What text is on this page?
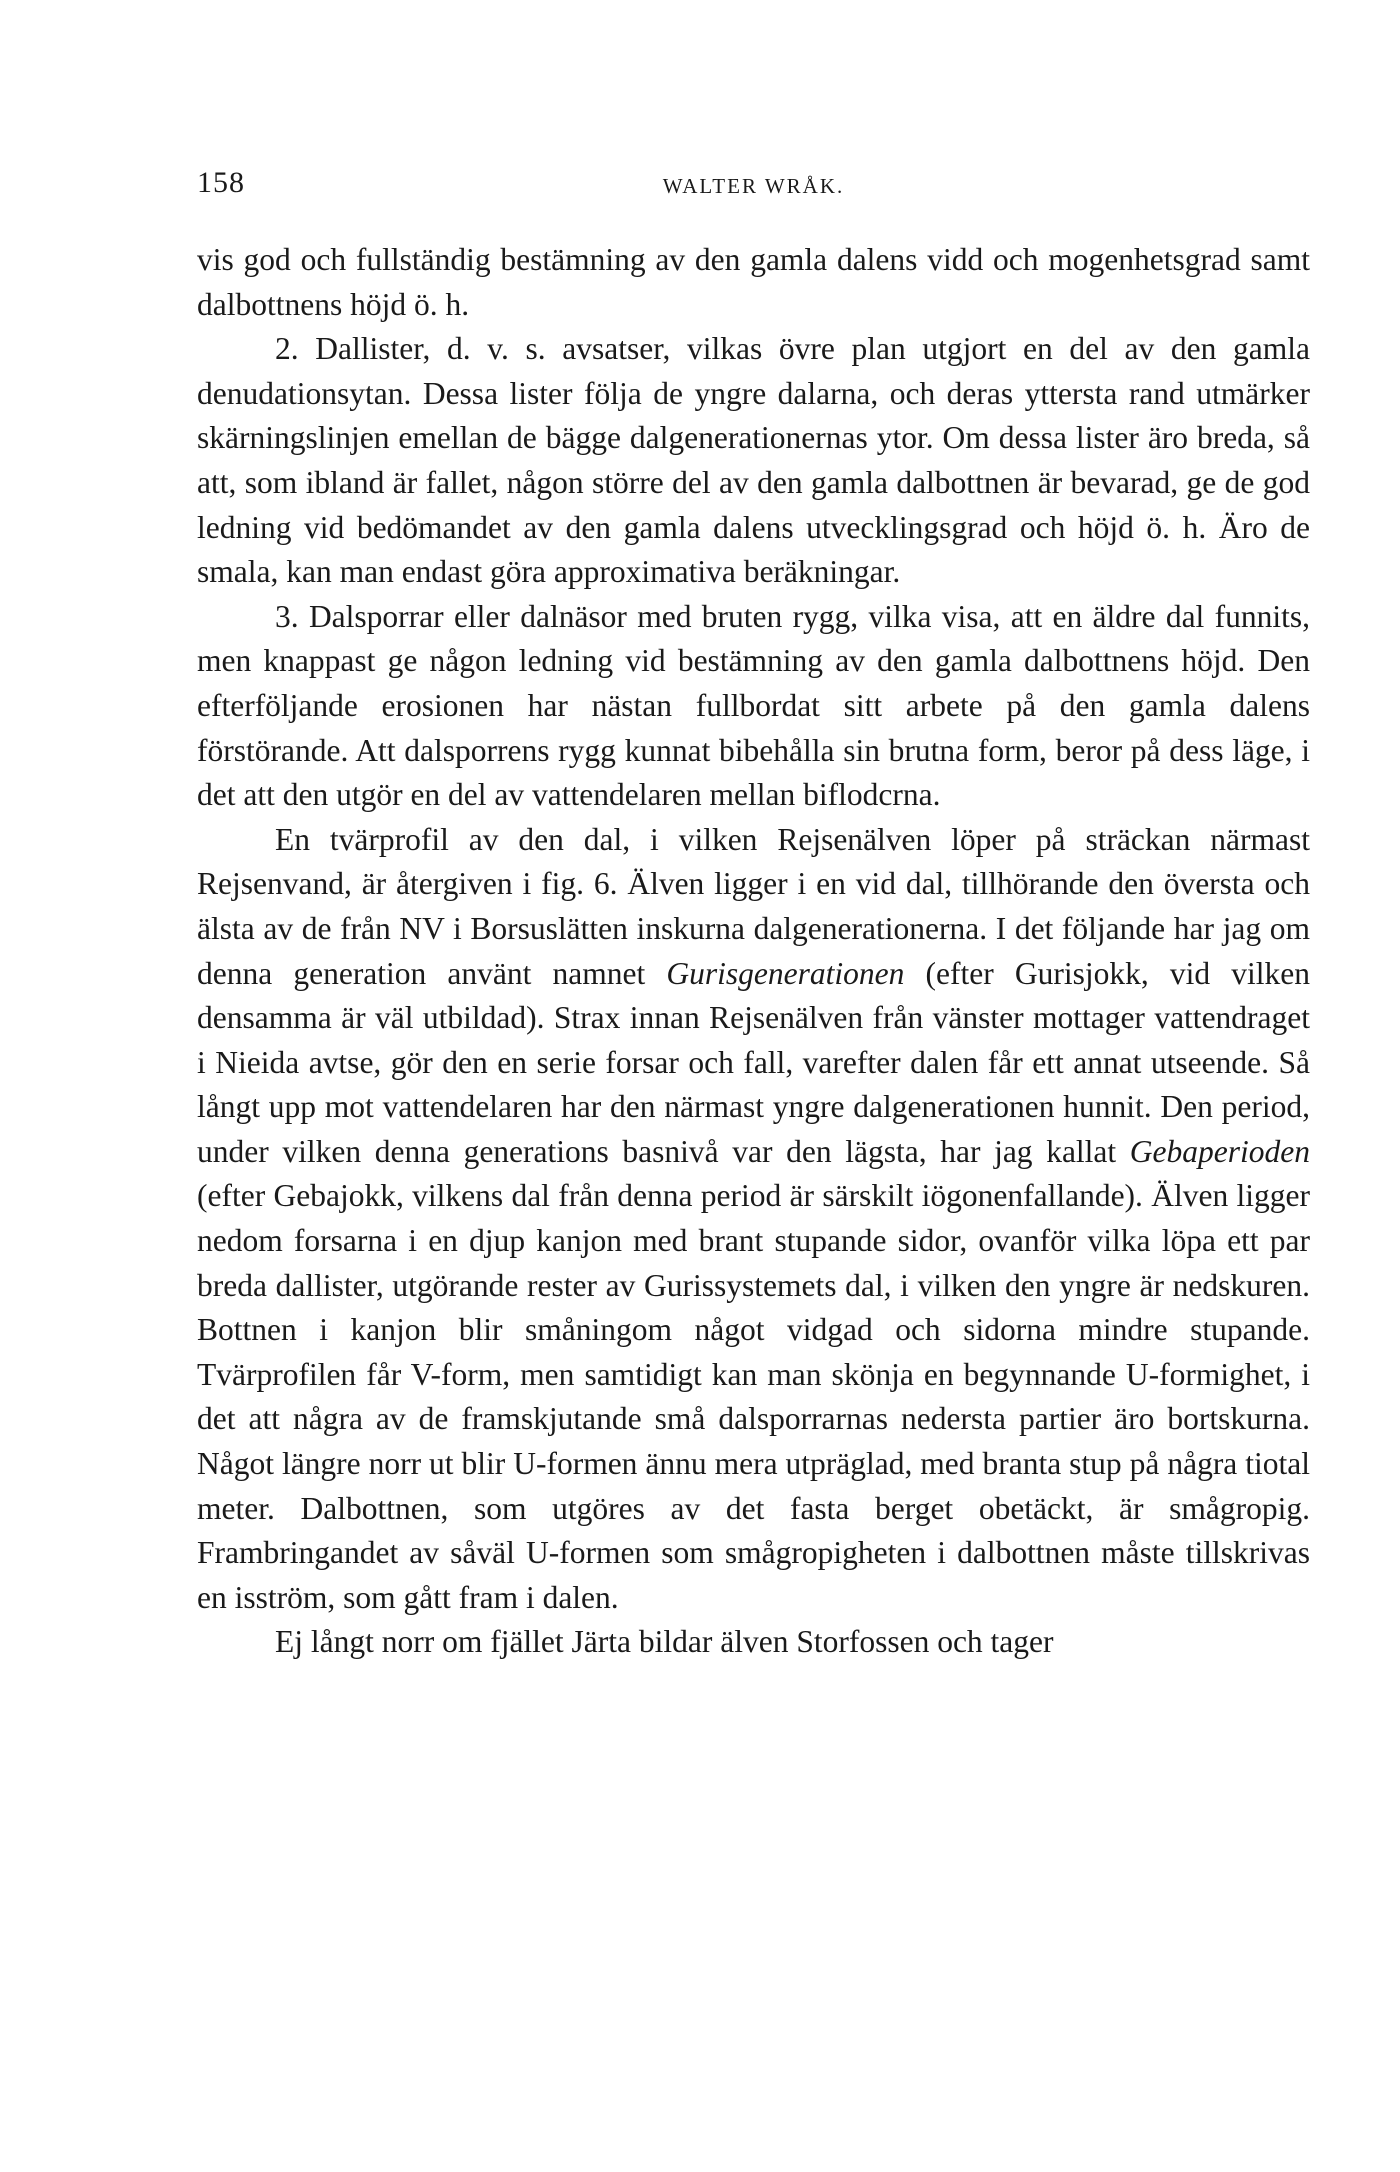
158	WALTER WRÅK.

vis god och fullständig bestämning av den gamla dalens vidd och mogenhetsgrad samt dalbottnens höjd ö. h.

2. Dallister, d. v. s. avsatser, vilkas övre plan utgjort en del av den gamla denudationsytan. Dessa lister följa de yngre dalarna, och deras yttersta rand utmärker skärningslinjen emellan de bägge dalgenerationernas ytor. Om dessa lister äro breda, så att, som ibland är fallet, någon större del av den gamla dalbottnen är bevarad, ge de god ledning vid bedömandet av den gamla dalens utvecklingsgrad och höjd ö. h. Äro de smala, kan man endast göra approximativa beräkningar.

3. Dalsporrar eller dalnäsor med bruten rygg, vilka visa, att en äldre dal funnits, men knappast ge någon ledning vid bestämning av den gamla dalbottnens höjd. Den efterföljande erosionen har nästan fullbordat sitt arbete på den gamla dalens förstörande. Att dalsporrens rygg kunnat bibehålla sin brutna form, beror på dess läge, i det att den utgör en del av vattendelaren mellan biflodcrna.

En tvärprofil av den dal, i vilken Rejsenälven löper på sträckan närmast Rejsenvand, är återgiven i fig. 6. Älven ligger i en vid dal, tillhörande den översta och älsta av de från NV i Borsuslätten inskurna dalgenerationerna. I det följande har jag om denna generation använt namnet Gurisgenerationen (efter Gurisjokk, vid vilken densamma är väl utbildad). Strax innan Rejsenälven från vänster mottager vattendraget i Nieida avtse, gör den en serie forsar och fall, varefter dalen får ett annat utseende. Så långt upp mot vattendelaren har den närmast yngre dalgenerationen hunnit. Den period, under vilken denna generations basnivå var den lägsta, har jag kallat Gebaperioden (efter Gebajokk, vilkens dal från denna period är särskilt iögonenfallande). Älven ligger nedom forsarna i en djup kanjon med brant stupande sidor, ovanför vilka löpa ett par breda dallister, utgörande rester av Gurissystemets dal, i vilken den yngre är nedskuren. Bottnen i kanjon blir småningom något vidgad och sidorna mindre stupande. Tvärprofilen får V-form, men samtidigt kan man skönja en begynnande U-formighet, i det att några av de framskjutande små dalsporrarnas nedersta partier äro bortskurna. Något längre norr ut blir U-formen ännu mera utpräglad, med branta stup på några tiotal meter. Dalbottnen, som utgöres av det fasta berget obetäckt, är smågropig. Frambringandet av såväl U-formen som smågropigheten i dalbottnen måste tillskrivas en isström, som gått fram i dalen.

Ej långt norr om fjället Järta bildar älven Storfossen och tager
